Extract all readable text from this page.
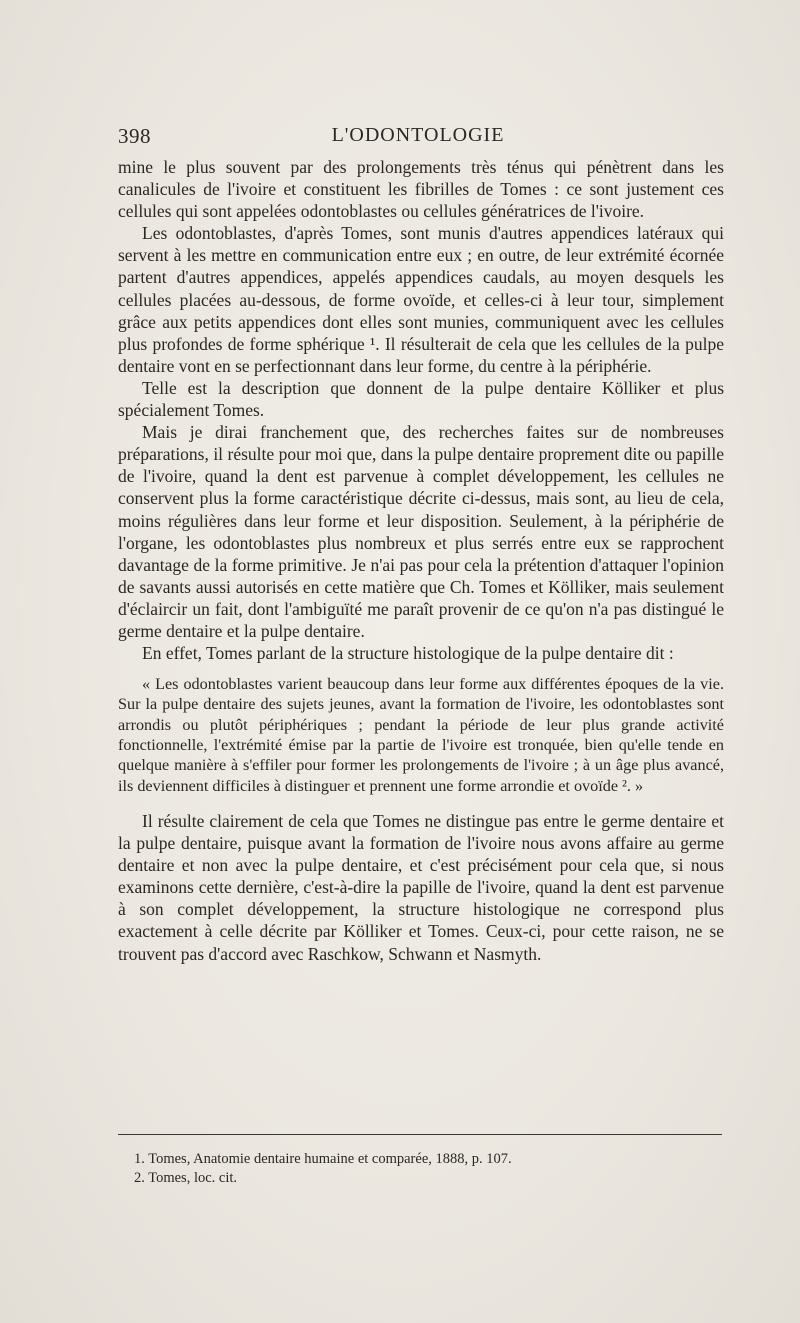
398	L'ODONTOLOGIE

mine le plus souvent par des prolongements très ténus qui pénètrent dans les canalicules de l'ivoire et constituent les fibrilles de Tomes : ce sont justement ces cellules qui sont appelées odontoblastes ou cellules génératrices de l'ivoire.

Les odontoblastes, d'après Tomes, sont munis d'autres appendices latéraux qui servent à les mettre en communication entre eux ; en outre, de leur extrémité écornée partent d'autres appendices, appelés appendices caudals, au moyen desquels les cellules placées au-dessous, de forme ovoïde, et celles-ci à leur tour, simplement grâce aux petits appendices dont elles sont munies, communiquent avec les cellules plus profondes de forme sphérique ¹. Il résulterait de cela que les cellules de la pulpe dentaire vont en se perfectionnant dans leur forme, du centre à la périphérie.

Telle est la description que donnent de la pulpe dentaire Kölliker et plus spécialement Tomes.

Mais je dirai franchement que, des recherches faites sur de nombreuses préparations, il résulte pour moi que, dans la pulpe dentaire proprement dite ou papille de l'ivoire, quand la dent est parvenue à complet développement, les cellules ne conservent plus la forme caractéristique décrite ci-dessus, mais sont, au lieu de cela, moins régulières dans leur forme et leur disposition. Seulement, à la périphérie de l'organe, les odontoblastes plus nombreux et plus serrés entre eux se rapprochent davantage de la forme primitive. Je n'ai pas pour cela la prétention d'attaquer l'opinion de savants aussi autorisés en cette matière que Ch. Tomes et Kölliker, mais seulement d'éclaircir un fait, dont l'ambiguïté me paraît provenir de ce qu'on n'a pas distingué le germe dentaire et la pulpe dentaire.

En effet, Tomes parlant de la structure histologique de la pulpe dentaire dit :

« Les odontoblastes varient beaucoup dans leur forme aux différentes époques de la vie. Sur la pulpe dentaire des sujets jeunes, avant la formation de l'ivoire, les odontoblastes sont arrondis ou plutôt périphériques ; pendant la période de leur plus grande activité fonctionnelle, l'extrémité émise par la partie de l'ivoire est tronquée, bien qu'elle tende en quelque manière à s'effiler pour former les prolongements de l'ivoire ; à un âge plus avancé, ils deviennent difficiles à distinguer et prennent une forme arrondie et ovoïde ². »

Il résulte clairement de cela que Tomes ne distingue pas entre le germe dentaire et la pulpe dentaire, puisque avant la formation de l'ivoire nous avons affaire au germe dentaire et non avec la pulpe dentaire, et c'est précisément pour cela que, si nous examinons cette dernière, c'est-à-dire la papille de l'ivoire, quand la dent est parvenue à son complet développement, la structure histologique ne correspond plus exactement à celle décrite par Kölliker et Tomes. Ceux-ci, pour cette raison, ne se trouvent pas d'accord avec Raschkow, Schwann et Nasmyth.

1. Tomes, Anatomie dentaire humaine et comparée, 1888, p. 107.

2. Tomes, loc. cit.
